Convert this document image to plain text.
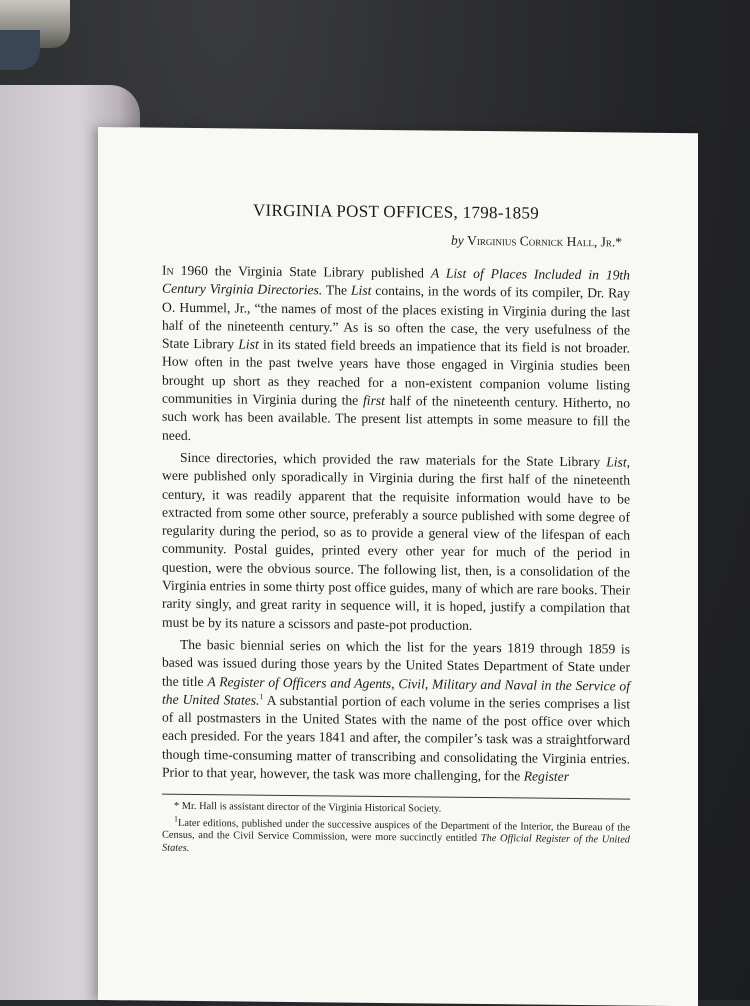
VIRGINIA POST OFFICES, 1798-1859
by Virginius Cornick Hall, Jr.*

In 1960 the Virginia State Library published A List of Places Included in 19th Century Virginia Directories. The List contains, in the words of its compiler, Dr. Ray O. Hummel, Jr., “the names of most of the places existing in Virginia during the last half of the nineteenth century.” As is so often the case, the very usefulness of the State Library List in its stated field breeds an impatience that its field is not broader. How often in the past twelve years have those engaged in Virginia studies been brought up short as they reached for a non-existent companion volume listing communities in Virginia during the first half of the nineteenth century. Hitherto, no such work has been available. The present list attempts in some measure to fill the need.

Since directories, which provided the raw materials for the State Library List, were published only sporadically in Virginia during the first half of the nineteenth century, it was readily apparent that the requisite information would have to be extracted from some other source, preferably a source published with some degree of regularity during the period, so as to provide a general view of the lifespan of each community. Postal guides, printed every other year for much of the period in question, were the obvious source. The following list, then, is a consolidation of the Virginia entries in some thirty post office guides, many of which are rare books. Their rarity singly, and great rarity in sequence will, it is hoped, justify a compilation that must be by its nature a scissors and paste-pot production.

The basic biennial series on which the list for the years 1819 through 1859 is based was issued during those years by the United States Department of State under the title A Register of Officers and Agents, Civil, Military and Naval in the Service of the United States.$^1$ A substantial portion of each volume in the series comprises a list of all postmasters in the United States with the name of the post office over which each presided. For the years 1841 and after, the compiler’s task was a straightforward though time-consuming matter of transcribing and consolidating the Virginia entries. Prior to that year, however, the task was more challenging, for the Register

* Mr. Hall is assistant director of the Virginia Historical Society.

$^1$Later editions, published under the successive auspices of the Department of the Interior, the Bureau of the Census, and the Civil Service Commission, were more succinctly entitled The Official Register of the United States.
